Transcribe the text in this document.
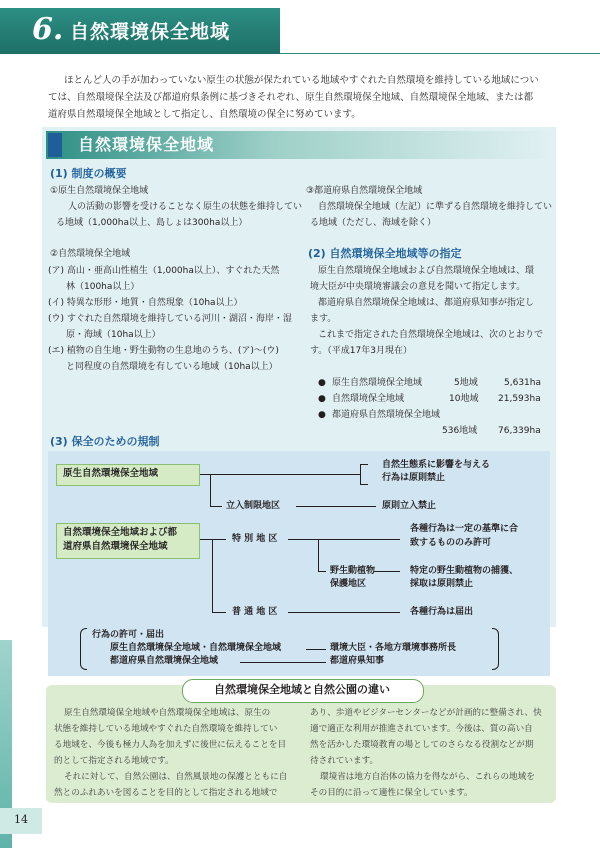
6. 自然環境保全地域
ほとんど人の手が加わっていない原生の状態が保たれている地域やすぐれた自然環境を維持している地域につい
ては、自然環境保全法及び都道府県条例に基づきそれぞれ、原生自然環境保全地域、自然環境保全地域、または都
道府県自然環境保全地域として指定し、自然環境の保全に努めています。
自然環境保全地域
(1) 制度の概要
①原生自然環境保全地域
人の活動の影響を受けることなく原生の状態を維持してい
る地域（1,000ha以上、島しょは300ha以上）
②自然環境保全地域
(ア) 高山・亜高山性植生（1,000ha以上）、すぐれた天然
　　林（100ha以上）
(イ) 特異な形形・地質・自然現象（10ha以上）
(ウ) すぐれた自然環境を維持している河川・湖沼・海岸・湿
　　原・海域（10ha以上）
(エ) 植物の自生地・野生動物の生息地のうち、(ア)～(ウ)
　　と同程度の自然環境を有している地域（10ha以上）
③都道府県自然環境保全地域
自然環境保全地域（左記）に準ずる自然環境を維持してい
る地域（ただし、海域を除く）
(2) 自然環境保全地域等の指定
原生自然環境保全地域および自然環境保全地域は、環
境大臣が中央環境審議会の意見を聞いて指定します。
都道府県自然環境保全地域は、都道府県知事が指定し
ます。
これまで指定された自然環境保全地域は、次のとおりで
す。（平成17年3月現在）
● 原生自然環境保全地域	5地域	5,631ha
● 自然環境保全地域	10地域 21,593ha
● 都道府県自然環境保全地域
536地域 76,339ha
(3) 保全のための規制
原生自然環境保全地域
自然環境保全地域および都
道府県自然環境保全地域
自然生態系に影響を与える
行為は原則禁止
立入制限地区	原則立入禁止
特 別 地 区
各種行為は一定の基準に合
致するもののみ許可
野生動植物
保護地区
特定の野生動植物の捕獲、
採取は原則禁止
普 通 地 区	各種行為は届出
行為の許可・届出
原生自然環境保全地域・自然環境保全地域	環境大臣・各地方環境事務所長
都道府県自然環境保全地域	都道府県知事
自然環境保全地域と自然公園の違い
原生自然環境保全地域や自然環境保全地域は、原生の
状態を維持している地域やすぐれた自然環境を維持してい
る地域を、今後も極力人為を加えずに後世に伝えることを目
的として指定される地域です。
それに対して、自然公園は、自然風景地の保護とともに自
然とのふれあいを図ることを目的として指定される地域で
あり、歩道やビジターセンターなどが計画的に整備され、快
適で適正な利用が推進されています。今後は、質の高い自
然を活かした環境教育の場としてのさらなる役割などが期
待されています。
環境省は地方自治体の協力を得ながら、これらの地域を
その目的に沿って適性に保全しています。
14
